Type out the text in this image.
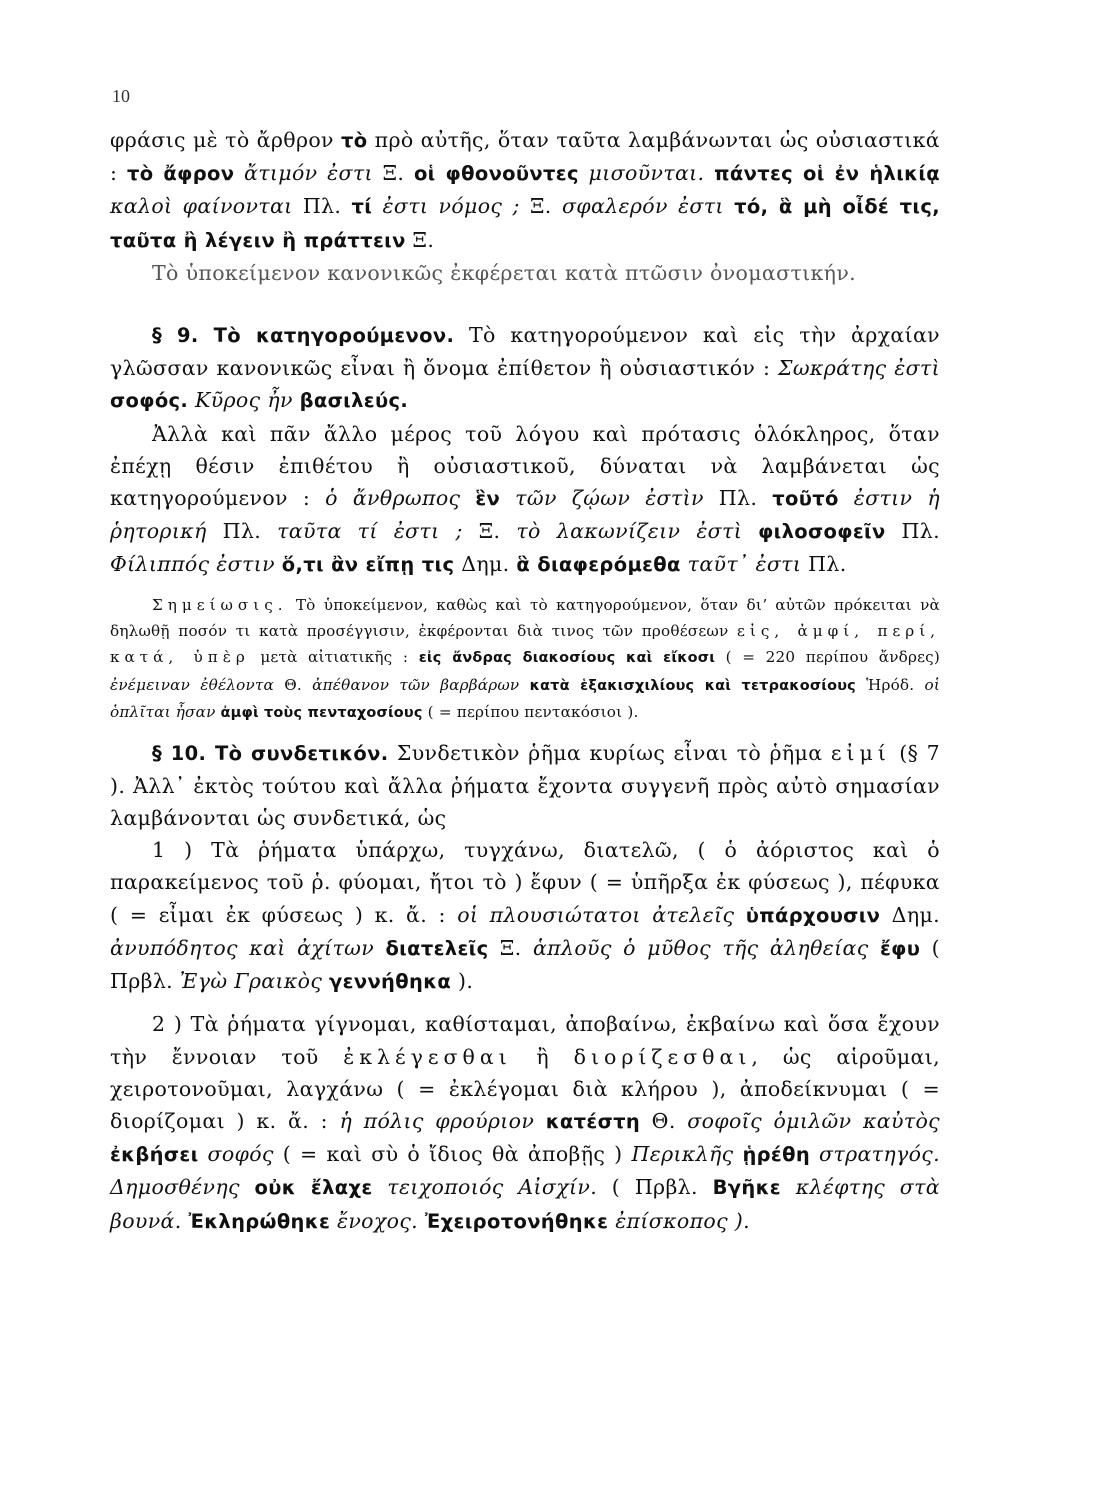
10

φράσις μὲ τὸ ἄρθρον τὸ πρὸ αὐτῆς, ὅταν ταῦτα λαμβάνωνται ὡς οὐσιαστικά : τὸ ἄφρον ἄτιμόν ἐστι Ξ. οἱ φθονοῦντες μισοῦνται. πάντες οἱ ἐν ἡλικίᾳ καλοὶ φαίνονται Πλ. τί ἐστι νόμος ; Ξ. σφαλερόν ἐστι τό, ἃ μὴ οἶδέ τις, ταῦτα ἢ λέγειν ἢ πράττειν Ξ.

Τὸ ὑποκείμενον κανονικῶς ἐκφέρεται κατὰ πτῶσιν ὀνομαστικήν.

§ 9. Τὸ κατηγορούμενον. Τὸ κατηγορούμενον καὶ εἰς τὴν ἀρχαίαν γλῶσσαν κανονικῶς εἶναι ἢ ὄνομα ἐπίθετον ἢ οὐσιαστικόν : Σωκράτης ἐστὶ σοφός. Κῦρος ἦν βασιλεύς.

Ἀλλὰ καὶ πᾶν ἄλλο μέρος τοῦ λόγου καὶ πρότασις ὁλόκληρος, ὅταν ἐπέχῃ θέσιν ἐπιθέτου ἢ οὐσιαστικοῦ, δύναται νὰ λαμβάνεται ὡς κατηγορούμενον : ὁ ἄνθρωπος ἓν τῶν ζῴων ἐστὶν Πλ. τοῦτό ἐστιν ἡ ῥητορική Πλ. ταῦτα τί ἐστι ; Ξ. τὸ λακωνίζειν ἐστὶ φιλοσοφεῖν Πλ. Φίλιππός ἐστιν ὅ,τι ἂν εἴπῃ τις Δημ. ἃ διαφερόμεθα ταῦτ᾽ ἐστι Πλ.

Σημείωσις. Τὸ ὑποκείμενον, καθὼς καὶ τὸ κατηγορούμενον, ὅταν διʼ αὐτῶν πρόκειται νὰ δηλωθῇ ποσόν τι κατὰ προσέγγισιν, ἐκφέρονται διὰ τινος τῶν προθέσεων εἰς, ἀμφί, περί, κατά, ὑπὲρ μετὰ αἰτιατικῆς : εἰς ἄνδρας διακοσίους καὶ εἴκοσι ( = 220 περίπου ἄνδρες) ἐνέμειναν ἐθέλοντα Θ. ἀπέθανον τῶν βαρβάρων κατὰ ἑξακισχιλίους καὶ τετρακοσίους Ἡρόδ. οἱ ὁπλῖται ἦσαν ἀμφὶ τοὺς πενταχοσίους ( = περίπου πεντακόσιοι ).

§ 10. Τὸ συνδετικόν. Συνδετικὸν ῥῆμα κυρίως εἶναι τὸ ῥῆμα εἰμί (§ 7 ). Ἀλλ᾽ ἐκτὸς τούτου καὶ ἄλλα ῥήματα ἔχοντα συγγενῆ πρὸς αὐτὸ σημασίαν λαμβάνονται ὡς συνδετικά, ὡς

1 ) Τὰ ῥήματα ὑπάρχω, τυγχάνω, διατελῶ, ( ὁ ἀόριστος καὶ ὁ παρακείμενος τοῦ ῥ. φύομαι, ἤτοι τὸ ) ἔφυν ( = ὑπῆρξα ἐκ φύσεως ), πέφυκα ( = εἶμαι ἐκ φύσεως ) κ. ἄ. : οἱ πλουσιώτατοι ἀτελεῖς ὑπάρχουσιν Δημ. ἀνυπόδητος καὶ ἀχίτων διατελεῖς Ξ. ἁπλοῦς ὁ μῦθος τῆς ἀληθείας ἔφυ ( Πρβλ. Ἐγὼ Γραικὸς γεννήθηκα ).

2 ) Τὰ ῥήματα γίγνομαι, καθίσταμαι, ἀποβαίνω, ἐκβαίνω καὶ ὅσα ἔχουν τὴν ἔννοιαν τοῦ ἐκλέγεσθαι ἢ διορίζεσθαι, ὡς αἱροῦμαι, χειροτονοῦμαι, λαγχάνω ( = ἐκλέγομαι διὰ κλήρου ), ἀποδείκνυμαι ( = διορίζομαι ) κ. ἄ. : ἡ πόλις φρούριον κατέστη Θ. σοφοῖς ὁμιλῶν καὐτὸς ἐκβήσει σοφός ( = καὶ σὺ ὁ ἴδιος θὰ ἀποβῇς ) Περικλῆς ᾑρέθη στρατηγός. Δημοσθένης οὐκ ἔλαχε τειχοποιός Αἰσχίν. ( Πρβλ. Βγῆκε κλέφτης στὰ βουνά. Ἐκληρώθηκε ἔνοχος. Ἐχειροτονήθηκε ἐπίσκοπος ).
